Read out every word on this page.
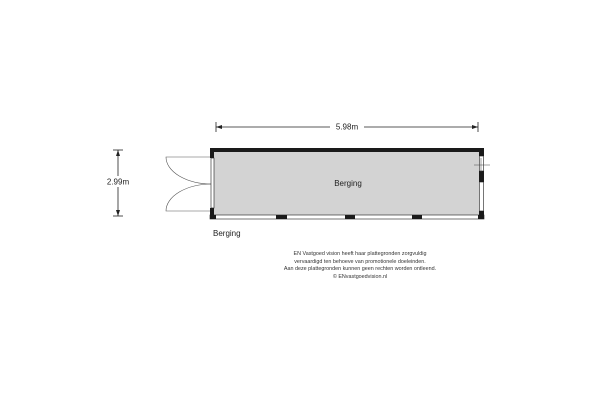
5.98m
2.99m	Berging
Berging
EN Vastgoed vision heeft haar plattegronden zorgvuldig
vervaardigd ten behoeve van promotionele doeleinden.
Aan deze plattegronden kunnen geen rechten worden ontleend.
© ENvastgoedvision.nl
